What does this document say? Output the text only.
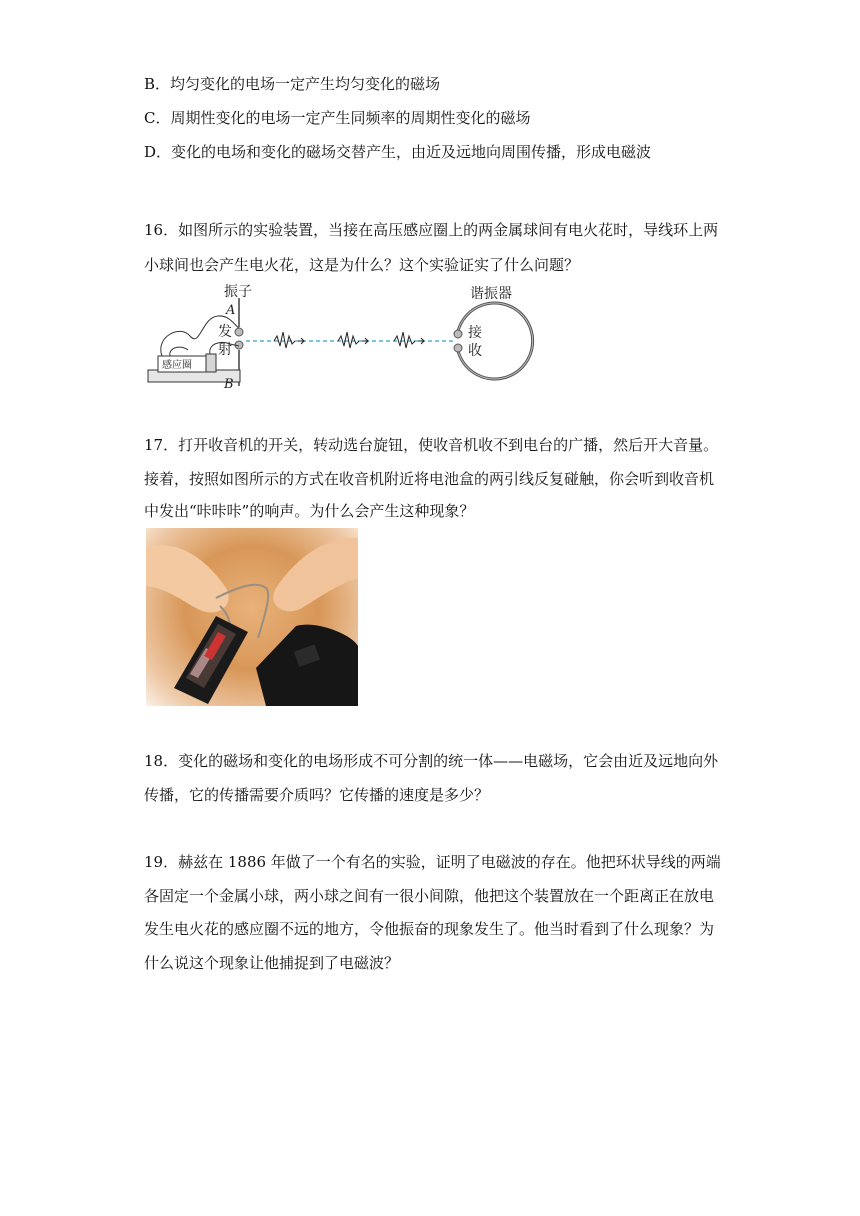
B．均匀变化的电场一定产生均匀变化的磁场
C．周期性变化的电场一定产生同频率的周期性变化的磁场
D．变化的电场和变化的磁场交替产生，由近及远地向周围传播，形成电磁波
16．如图所示的实验装置，当接在高压感应圈上的两金属球间有电火花时，导线环上两
小球间也会产生电火花，这是为什么？这个实验证实了什么问题？
振子
A
B
发
射
感应圈
谐振器
接
收
17．打开收音机的开关，转动选台旋钮，使收音机收不到电台的广播，然后开大音量。
接着，按照如图所示的方式在收音机附近将电池盒的两引线反复碰触，你会听到收音机
中发出“咔咔咔”的响声。为什么会产生这种现象？
18．变化的磁场和变化的电场形成不可分割的统一体——电磁场，它会由近及远地向外
传播，它的传播需要介质吗？它传播的速度是多少？
19．赫兹在 1886 年做了一个有名的实验，证明了电磁波的存在。他把环状导线的两端
各固定一个金属小球，两小球之间有一很小间隙，他把这个装置放在一个距离正在放电
发生电火花的感应圈不远的地方，令他振奋的现象发生了。他当时看到了什么现象？为
什么说这个现象让他捕捉到了电磁波？
